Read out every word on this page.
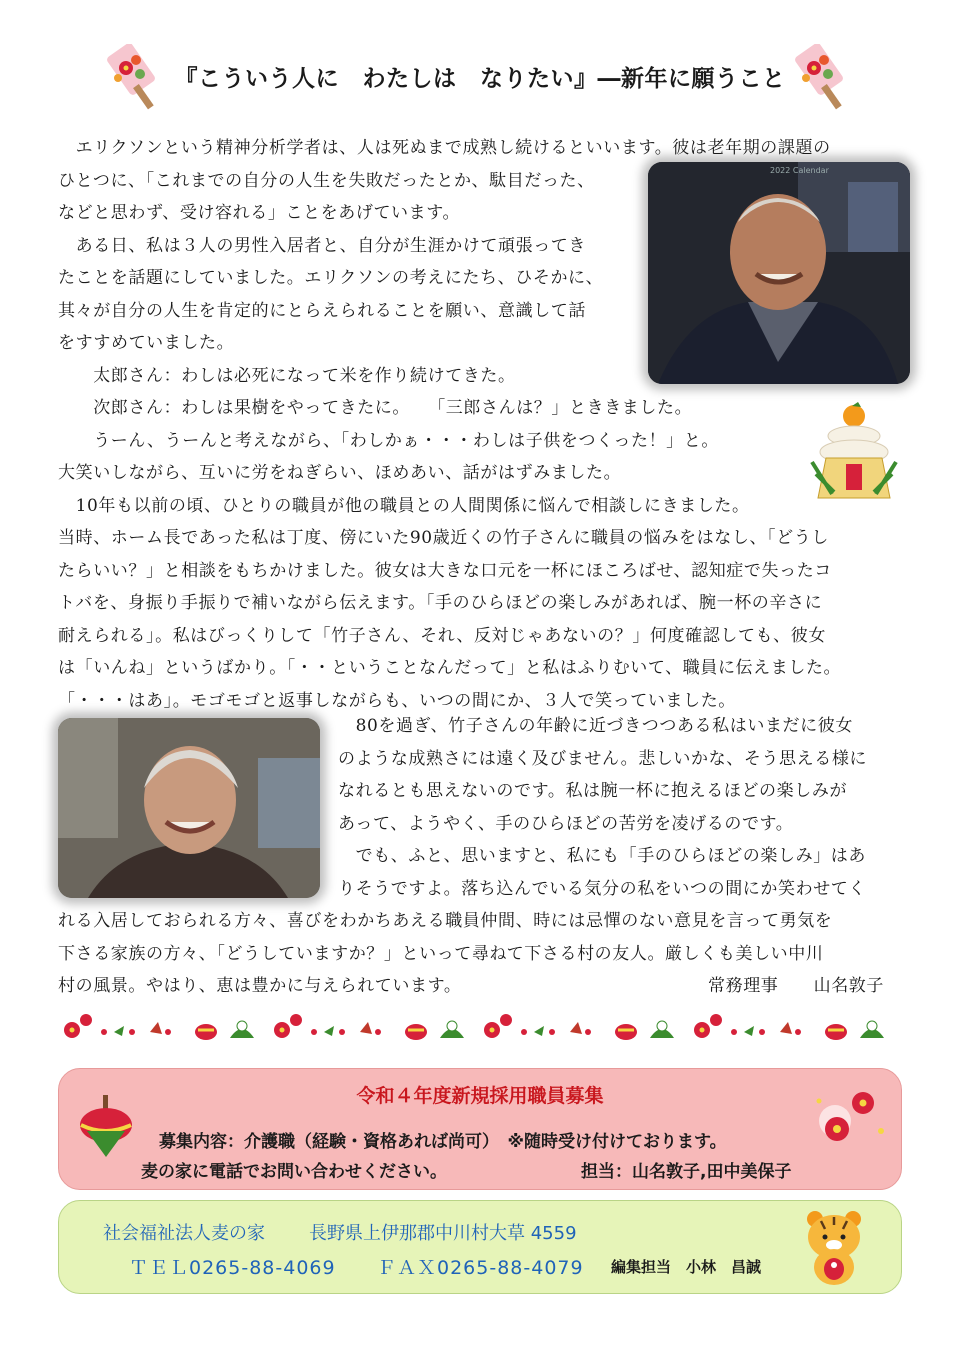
『こういう人に　わたしは　なりたい』―新年に願うこと
2022 Calendar

　エリクソンという精神分析学者は、人は死ぬまで成熟し続けるといいます。彼は老年期の課題の

ひとつに、「これまでの自分の人生を失敗だったとか、駄目だった、

などと思わず、受け容れる」ことをあげています。

　ある日、私は３人の男性入居者と、自分が生涯かけて頑張ってき

たことを話題にしていました。エリクソンの考えにたち、ひそかに、

其々が自分の人生を肯定的にとらえられることを願い、意識して話

をすすめていました。

　　太郎さん：わしは必死になって米を作り続けてきた。

　　次郎さん：わしは果樹をやってきたに。　　「三郎さんは？」とききました。

　　うーん、うーんと考えながら、「わしかぁ・・・わしは子供をつくった！」と。

大笑いしながら、互いに労をねぎらい、ほめあい、話がはずみました。

　10年も以前の頃、ひとりの職員が他の職員との人間関係に悩んで相談しにきました。

当時、ホーム長であった私は丁度、傍にいた90歳近くの竹子さんに職員の悩みをはなし、「どうし

たらいい？」と相談をもちかけました。彼女は大きな口元を一杯にほころばせ、認知症で失ったコ

トバを、身振り手振りで補いながら伝えます。「手のひらほどの楽しみがあれば、腕一杯の辛さに

耐えられる」。私はびっくりして「竹子さん、それ、反対じゃあないの？」何度確認しても、彼女

は「いんね」というばかり。「・・ということなんだって」と私はふりむいて、職員に伝えました。

「・・・はあ」。モゴモゴと返事しながらも、いつの間にか、３人で笑っていました。

　80を過ぎ、竹子さんの年齢に近づきつつある私はいまだに彼女

のような成熟さには遠く及びません。悲しいかな、そう思える様に

なれるとも思えないのです。私は腕一杯に抱えるほどの楽しみが

あって、ようやく、手のひらほどの苦労を凌げるのです。

　でも、ふと、思いますと、私にも「手のひらほどの楽しみ」はあ

りそうですよ。落ち込んでいる気分の私をいつの間にか笑わせてく

れる入居しておられる方々、喜びをわかちあえる職員仲間、時には忌憚のない意見を言って勇気を

下さる家族の方々、「どうしていますか？」といって尋ねて下さる村の友人。厳しくも美しい中川

村の風景。やはり、恵は豊かに与えられています。	常務理事　　山名敦子
令和４年度新規採用職員募集
募集内容：介護職（経験・資格あれば尚可）　※随時受け付けております。
麦の家に電話でお問い合わせください。	担当：山名敦子,田中美保子
社会福祉法人麦の家 長野県上伊那郡中川村大草 4559
ＴＥＬ0265-88-4069 ＦＡＸ0265-88-4079 編集担当　小林　昌誠
